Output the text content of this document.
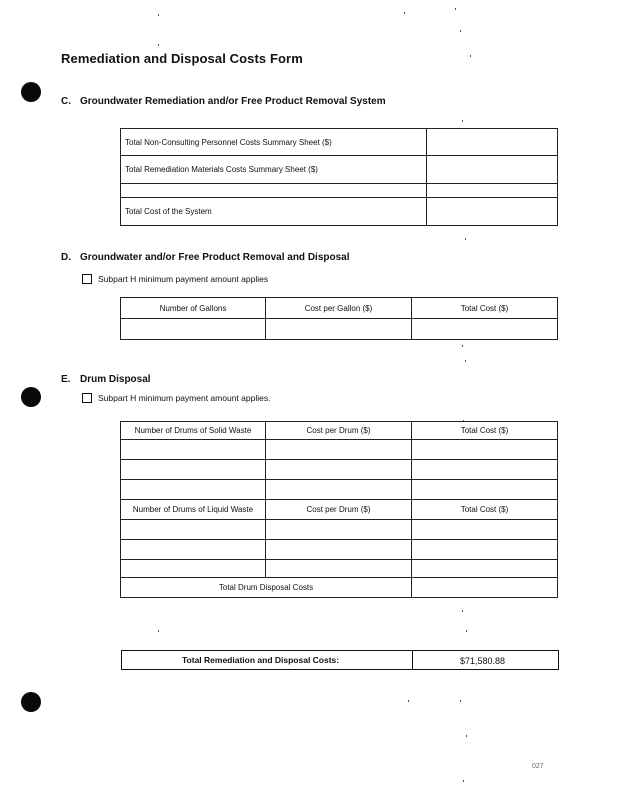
Remediation and Disposal Costs Form
C. Groundwater Remediation and/or Free Product Removal System
Total Non-Consulting Personnel Costs Summary Sheet ($)	
Total Remediation Materials Costs Summary Sheet ($)	

Total Cost of the System	
D. Groundwater and/or Free Product Removal and Disposal
Subpart H minimum payment amount applies
Number of Gallons	Cost per Gallon ($)	Total Cost ($)

E. Drum Disposal
Subpart H minimum payment amount applies.
Number of Drums of Solid Waste	Cost per Drum ($)	Total Cost ($)

Number of Drums of Liquid Waste	Cost per Drum ($)	Total Cost ($)

Total Drum Disposal Costs		
Total Remediation and Disposal Costs:	$71,580.88
027
